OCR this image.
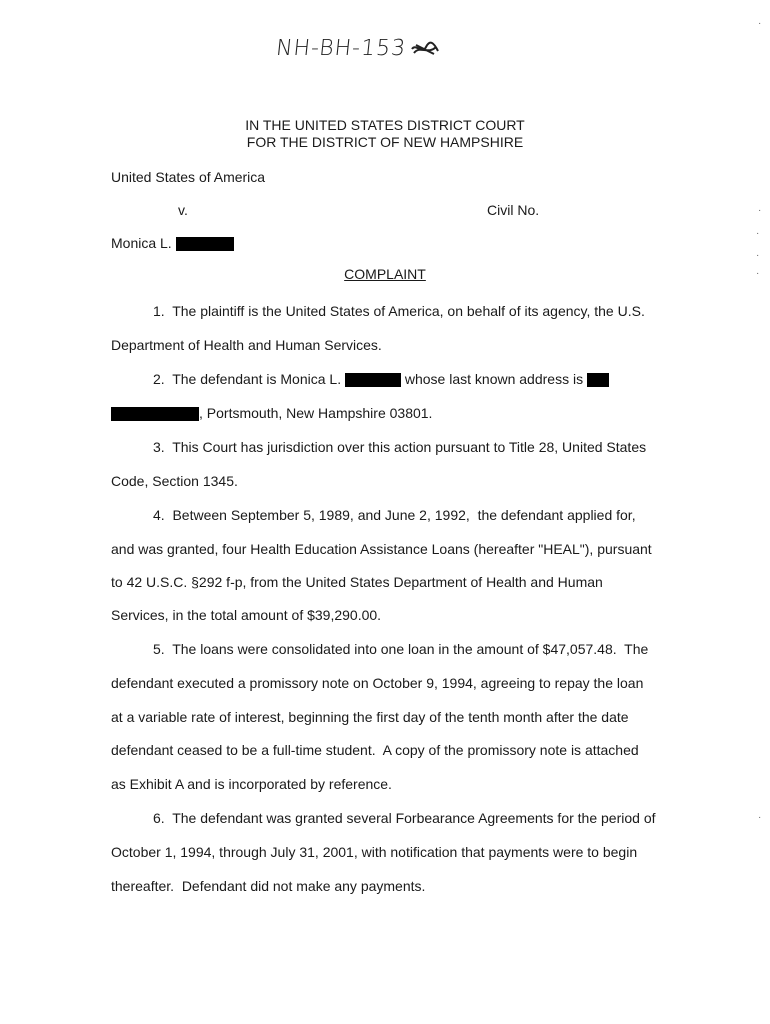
NH-BH-153
IN THE UNITED STATES DISTRICT COURT
FOR THE DISTRICT OF NEW HAMPSHIRE
United States of America
v.	Civil No.
Monica L.
COMPLAINT
1.  The plaintiff is the United States of America, on behalf of its agency, the U.S.
Department of Health and Human Services.
2.  The defendant is Monica L.	whose last known address is
, Portsmouth, New Hampshire 03801.
3.  This Court has jurisdiction over this action pursuant to Title 28, United States
Code, Section 1345.
4.  Between September 5, 1989, and June 2, 1992,  the defendant applied for,
and was granted, four Health Education Assistance Loans (hereafter "HEAL"), pursuant
to 42 U.S.C. §292 f-p, from the United States Department of Health and Human
Services, in the total amount of $39,290.00.
5.  The loans were consolidated into one loan in the amount of $47,057.48.  The
defendant executed a promissory note on October 9, 1994, agreeing to repay the loan
at a variable rate of interest, beginning the first day of the tenth month after the date
defendant ceased to be a full-time student.  A copy of the promissory note is attached
as Exhibit A and is incorporated by reference.
6.  The defendant was granted several Forbearance Agreements for the period of
October 1, 1994, through July 31, 2001, with notification that payments were to begin
thereafter.  Defendant did not make any payments.
·
·
·
·
·
·
